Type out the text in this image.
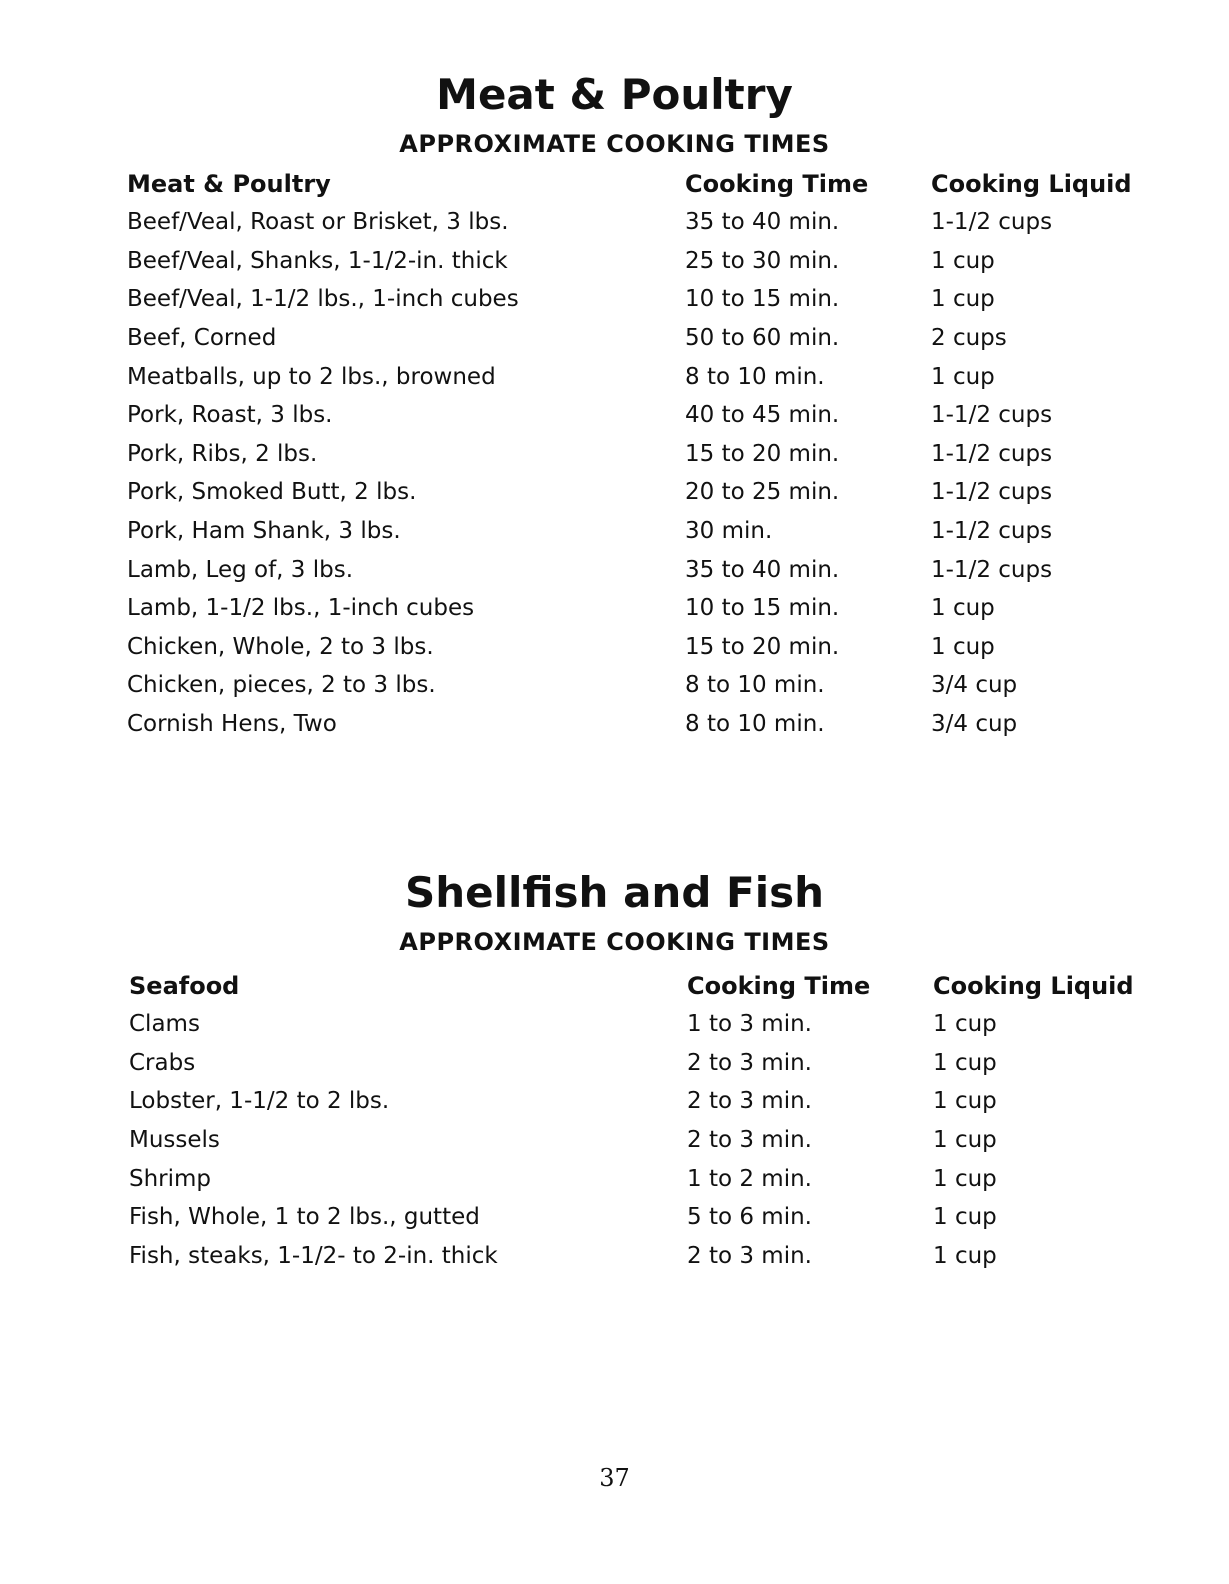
Meat & Poultry
APPROXIMATE COOKING TIMES
Meat & Poultry	Cooking Time	Cooking Liquid
Beef/Veal, Roast or Brisket, 3 lbs.	35 to 40 min.	1-1/2 cups
Beef/Veal, Shanks, 1-1/2-in. thick	25 to 30 min.	1 cup
Beef/Veal, 1-1/2 lbs., 1-inch cubes	10 to 15 min.	1 cup
Beef, Corned	50 to 60 min.	2 cups
Meatballs, up to 2 lbs., browned	8 to 10 min.	1 cup
Pork, Roast, 3 lbs.	40 to 45 min.	1-1/2 cups
Pork, Ribs, 2 lbs.	15 to 20 min.	1-1/2 cups
Pork, Smoked Butt, 2 lbs.	20 to 25 min.	1-1/2 cups
Pork, Ham Shank, 3 lbs.	30 min.	1-1/2 cups
Lamb, Leg of, 3 lbs.	35 to 40 min.	1-1/2 cups
Lamb, 1-1/2 lbs., 1-inch cubes	10 to 15 min.	1 cup
Chicken, Whole, 2 to 3 lbs.	15 to 20 min.	1 cup
Chicken, pieces, 2 to 3 lbs.	8 to 10 min.	3/4 cup
Cornish Hens, Two	8 to 10 min.	3/4 cup
Shellfish and Fish
APPROXIMATE COOKING TIMES
Seafood	Cooking Time	Cooking Liquid
Clams	1 to 3 min.	1 cup
Crabs	2 to 3 min.	1 cup
Lobster, 1-1/2 to 2 lbs.	2 to 3 min.	1 cup
Mussels	2 to 3 min.	1 cup
Shrimp	1 to 2 min.	1 cup
Fish, Whole, 1 to 2 lbs., gutted	5 to 6 min.	1 cup
Fish, steaks, 1-1/2- to 2-in. thick	2 to 3 min.	1 cup
37
